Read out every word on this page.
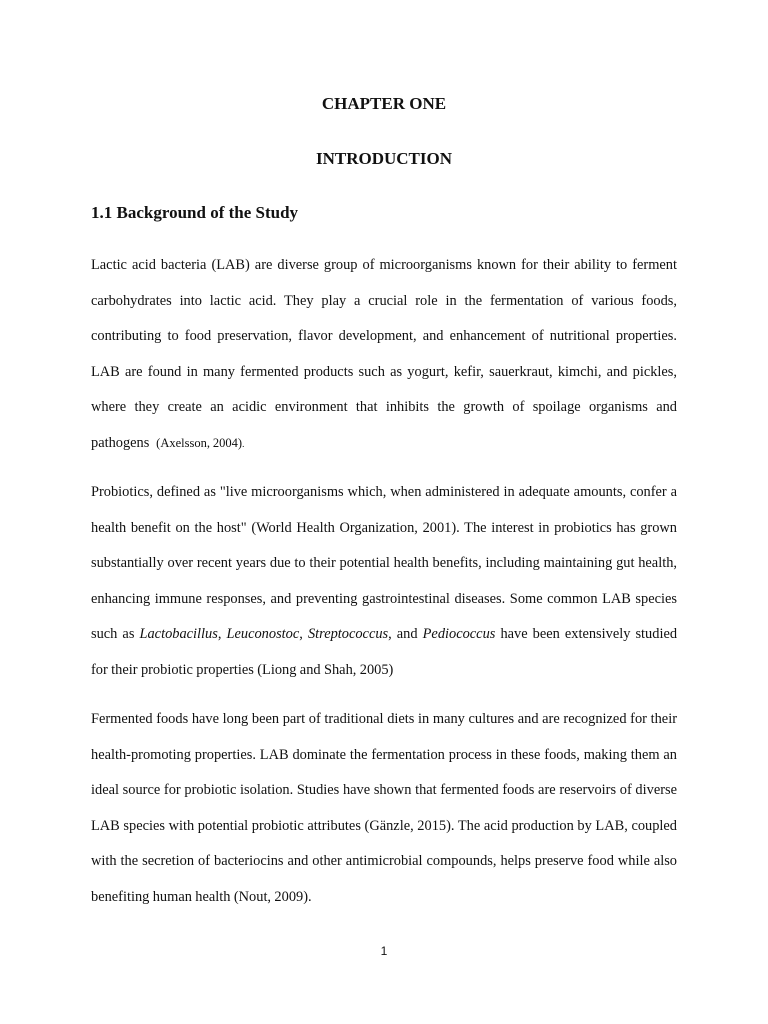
CHAPTER ONE
INTRODUCTION
1.1 Background of the Study

Lactic acid bacteria (LAB) are diverse group of microorganisms known for their ability to ferment carbohydrates into lactic acid. They play a crucial role in the fermentation of various foods, contributing to food preservation, flavor development, and enhancement of nutritional properties. LAB are found in many fermented products such as yogurt, kefir, sauerkraut, kimchi, and pickles, where they create an acidic environment that inhibits the growth of spoilage organisms and pathogens (Axelsson, 2004).

Probiotics, defined as "live microorganisms which, when administered in adequate amounts, confer a health benefit on the host" (World Health Organization, 2001). The interest in probiotics has grown substantially over recent years due to their potential health benefits, including maintaining gut health, enhancing immune responses, and preventing gastrointestinal diseases. Some common LAB species such as Lactobacillus, Leuconostoc, Streptococcus, and Pediococcus have been extensively studied for their probiotic properties (Liong and Shah, 2005)

Fermented foods have long been part of traditional diets in many cultures and are recognized for their health-promoting properties. LAB dominate the fermentation process in these foods, making them an ideal source for probiotic isolation. Studies have shown that fermented foods are reservoirs of diverse LAB species with potential probiotic attributes (Gänzle, 2015). The acid production by LAB, coupled with the secretion of bacteriocins and other antimicrobial compounds, helps preserve food while also benefiting human health (Nout, 2009).

1
